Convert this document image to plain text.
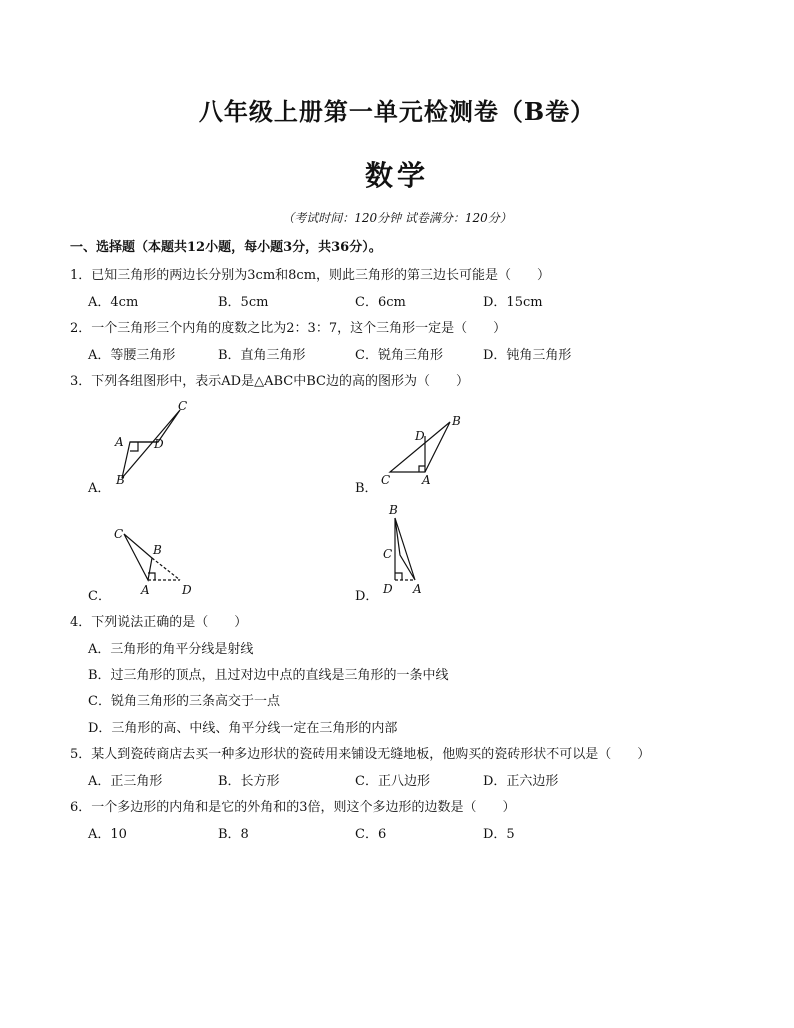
八年级上册第一单元检测卷（B卷）
数学
（考试时间：120分钟 试卷满分：120分）
一、选择题（本题共12小题，每小题3分，共36分）。
1．已知三角形的两边长分别为3cm和8cm，则此三角形的第三边长可能是（　　）
A．4cm	B．5cm	C．6cm	D．15cm
2．一个三角形三个内角的度数之比为2：3：7，这个三角形一定是（　　）
A．等腰三角形	B．直角三角形	C．锐角三角形	D．钝角三角形
3．下列各组图形中，表示AD是△ABC中BC边的高的图形为（　　）
A．
C
A	D
B
B．
D
B
C	A
C．
C
B
A	D	D．
B
C
D A
4．下列说法正确的是（　　）
A．三角形的角平分线是射线
B．过三角形的顶点，且过对边中点的直线是三角形的一条中线
C．锐角三角形的三条高交于一点
D．三角形的高、中线、角平分线一定在三角形的内部
5．某人到瓷砖商店去买一种多边形状的瓷砖用来铺设无缝地板，他购买的瓷砖形状不可以是（　　）
A．正三角形	B．长方形	C．正八边形	D．正六边形
6．一个多边形的内角和是它的外角和的3倍，则这个多边形的边数是（　　）
A．10	B．8	C．6	D．5
